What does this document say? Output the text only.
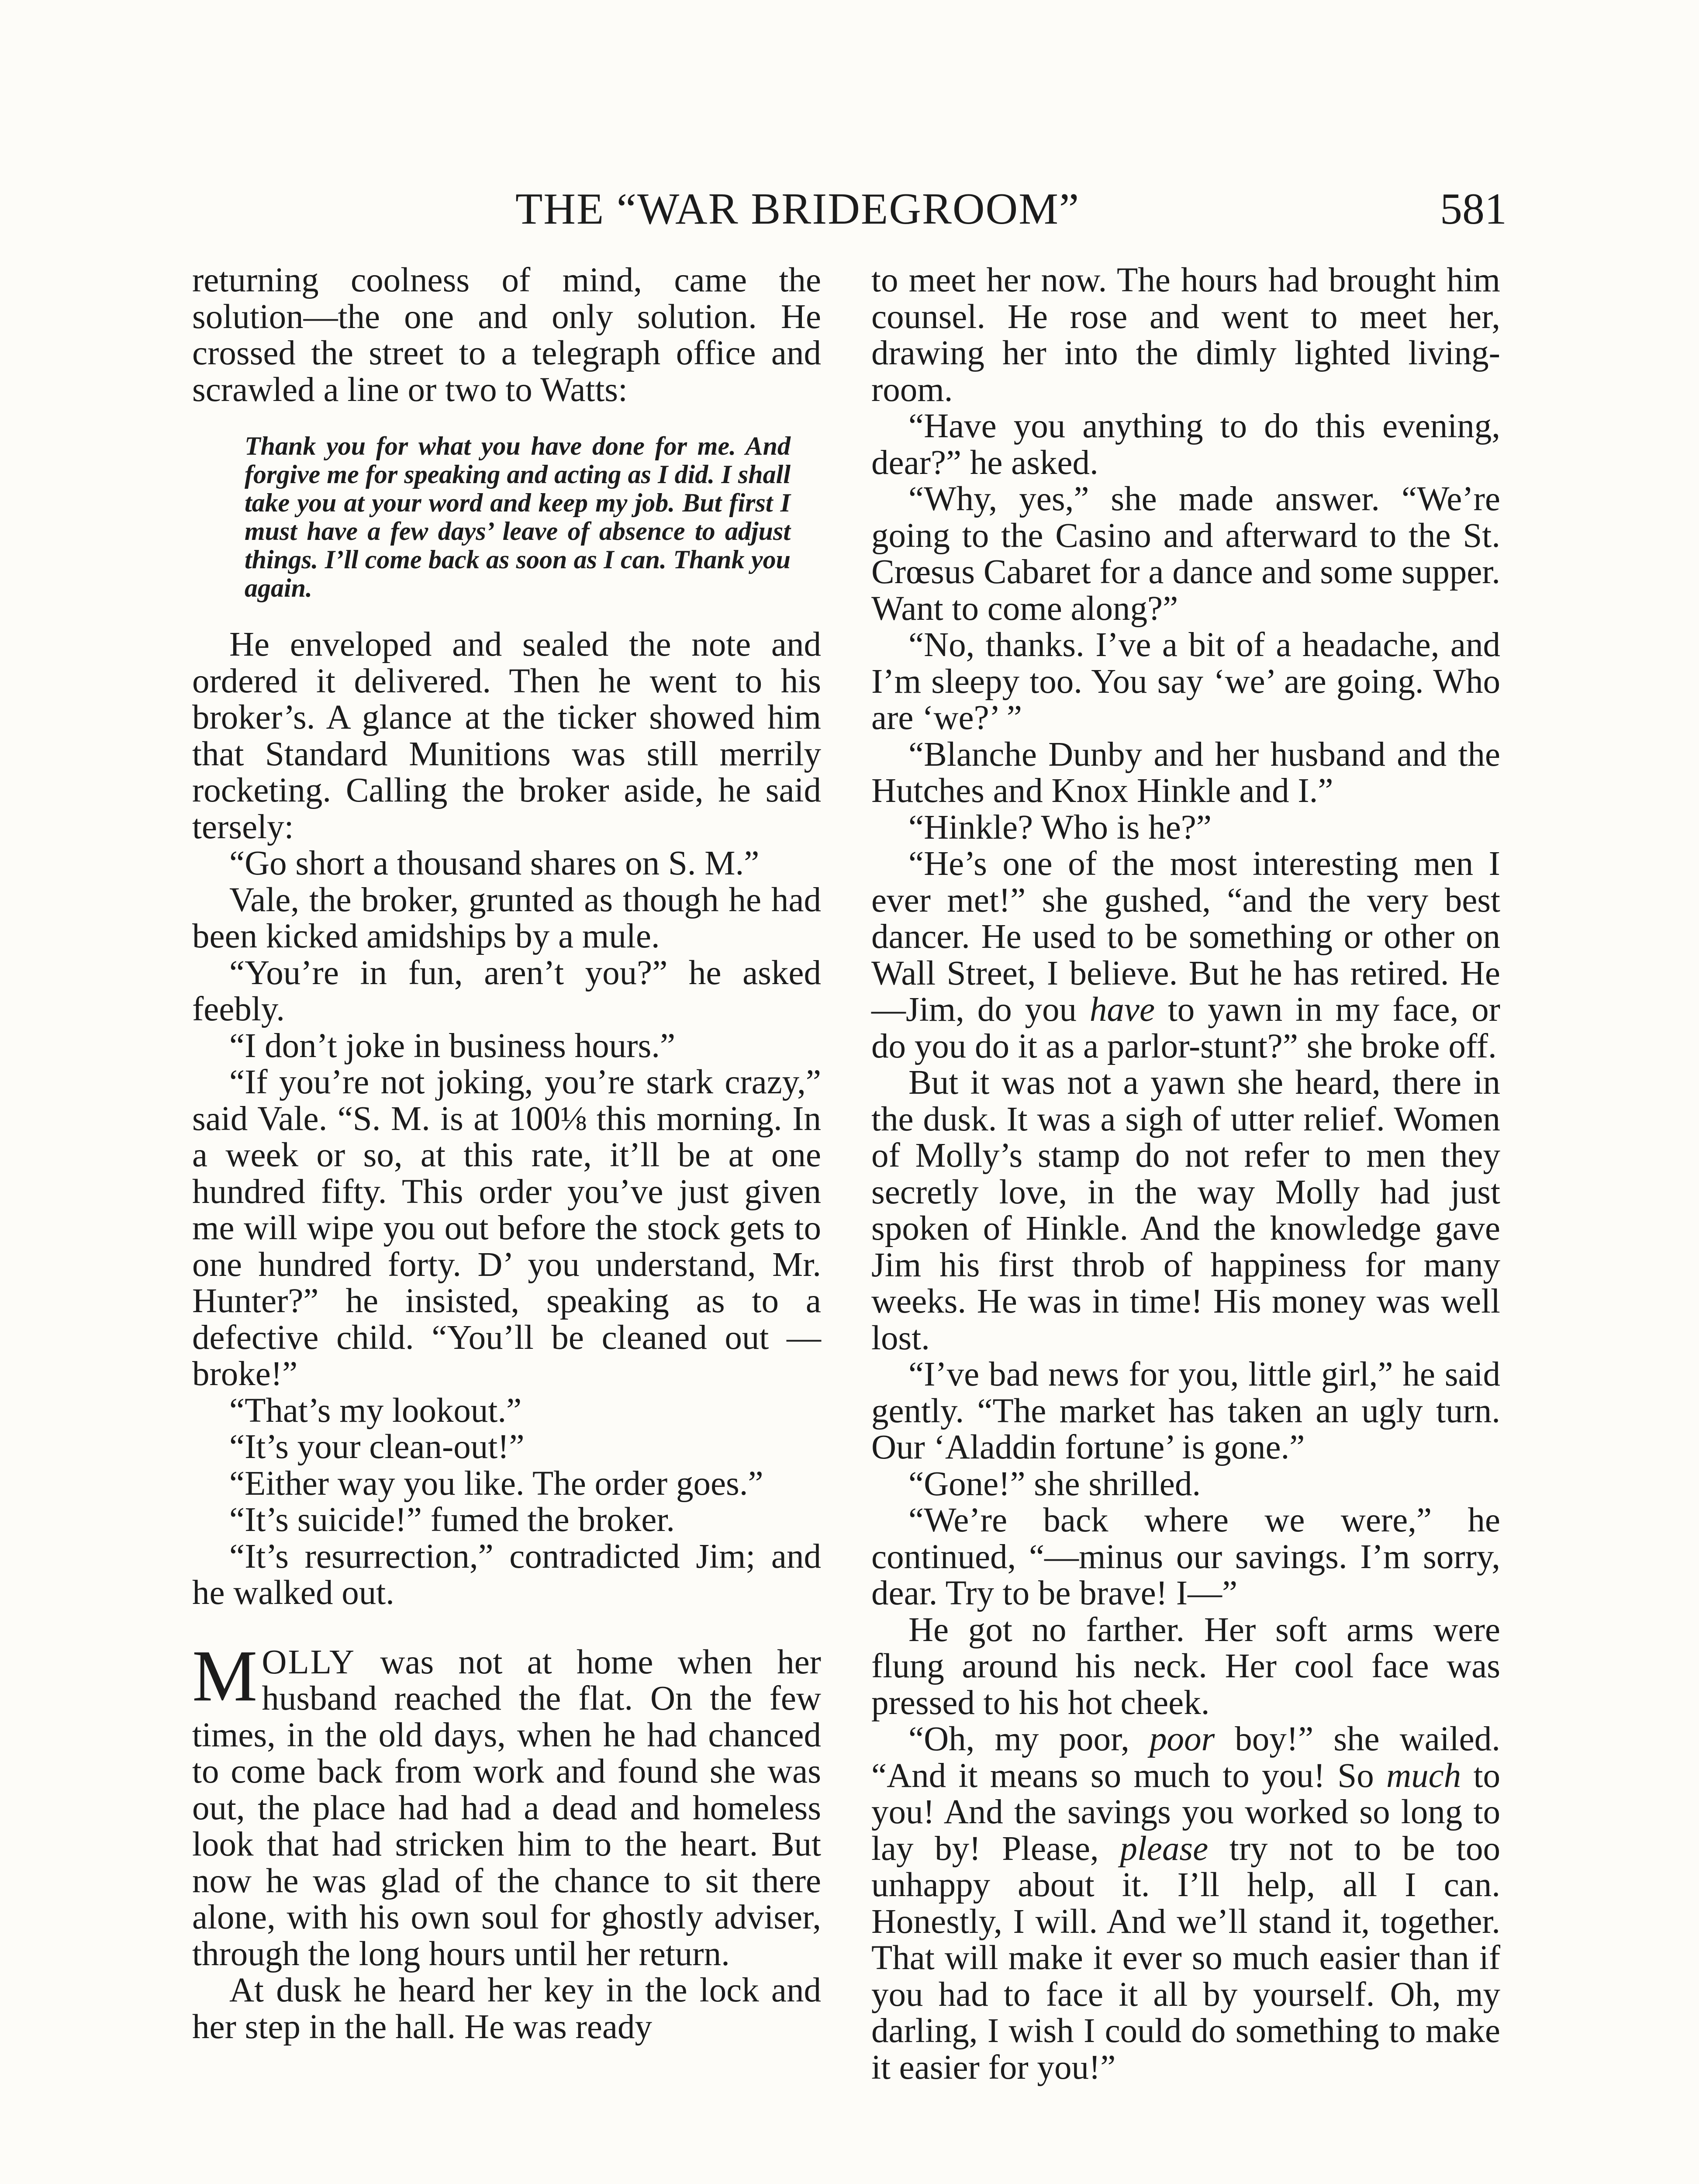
THE “WAR BRIDEGROOM”	581

returning coolness of mind, came the solution—the one and only solution. He crossed the street to a telegraph office and scrawled a line or two to Watts:

Thank you for what you have done for me. And forgive me for speaking and acting as I did. I shall take you at your word and keep my job. But first I must have a few days’ leave of absence to adjust things. I’ll come back as soon as I can. Thank you again.

He enveloped and sealed the note and ordered it delivered. Then he went to his broker’s. A glance at the ticker showed him that Standard Munitions was still merrily rocketing. Calling the broker aside, he said tersely:

“Go short a thousand shares on S. M.”

Vale, the broker, grunted as though he had been kicked amidships by a mule.

“You’re in fun, aren’t you?” he asked feebly.

“I don’t joke in business hours.”

“If you’re not joking, you’re stark crazy,” said Vale. “S. M. is at 100⅛ this morning. In a week or so, at this rate, it’ll be at one hundred fifty. This order you’ve just given me will wipe you out before the stock gets to one hundred forty. D’ you understand, Mr. Hunter?” he insisted, speaking as to a defective child. “You’ll be cleaned out —broke!”

“That’s my lookout.”

“It’s your clean-out!”

“Either way you like. The order goes.”

“It’s suicide!” fumed the broker.

“It’s resurrection,” contradicted Jim; and he walked out.

M OLLY was not at home when her husband reached the flat. On the few times, in the old days, when he had chanced to come back from work and found she was out, the place had had a dead and homeless look that had stricken him to the heart. But now he was glad of the chance to sit there alone, with his own soul for ghostly adviser, through the long hours until her return.

At dusk he heard her key in the lock and her step in the hall. He was ready

to meet her now. The hours had brought him counsel. He rose and went to meet her, drawing her into the dimly lighted living-room.

“Have you anything to do this evening, dear?” he asked.

“Why, yes,” she made answer. “We’re going to the Casino and afterward to the St. Crœsus Cabaret for a dance and some supper. Want to come along?”

“No, thanks. I’ve a bit of a headache, and I’m sleepy too. You say ‘we’ are going. Who are ‘we?’ ”

“Blanche Dunby and her husband and the Hutches and Knox Hinkle and I.”

“Hinkle? Who is he?”

“He’s one of the most interesting men I ever met!” she gushed, “and the very best dancer. He used to be something or other on Wall Street, I believe. But he has retired. He—Jim, do you have to yawn in my face, or do you do it as a parlor-stunt?” she broke off.

But it was not a yawn she heard, there in the dusk. It was a sigh of utter relief. Women of Molly’s stamp do not refer to men they secretly love, in the way Molly had just spoken of Hinkle. And the knowledge gave Jim his first throb of happiness for many weeks. He was in time! His money was well lost.

“I’ve bad news for you, little girl,” he said gently. “The market has taken an ugly turn. Our ‘Aladdin fortune’ is gone.”

“Gone!” she shrilled.

“We’re back where we were,” he continued, “—minus our savings. I’m sorry, dear. Try to be brave! I—”

He got no farther. Her soft arms were flung around his neck. Her cool face was pressed to his hot cheek.

“Oh, my poor, poor boy!” she wailed. “And it means so much to you! So much to you! And the savings you worked so long to lay by! Please, please try not to be too unhappy about it. I’ll help, all I can. Honestly, I will. And we’ll stand it, together. That will make it ever so much easier than if you had to face it all by yourself. Oh, my darling, I wish I could do something to make it easier for you!”
